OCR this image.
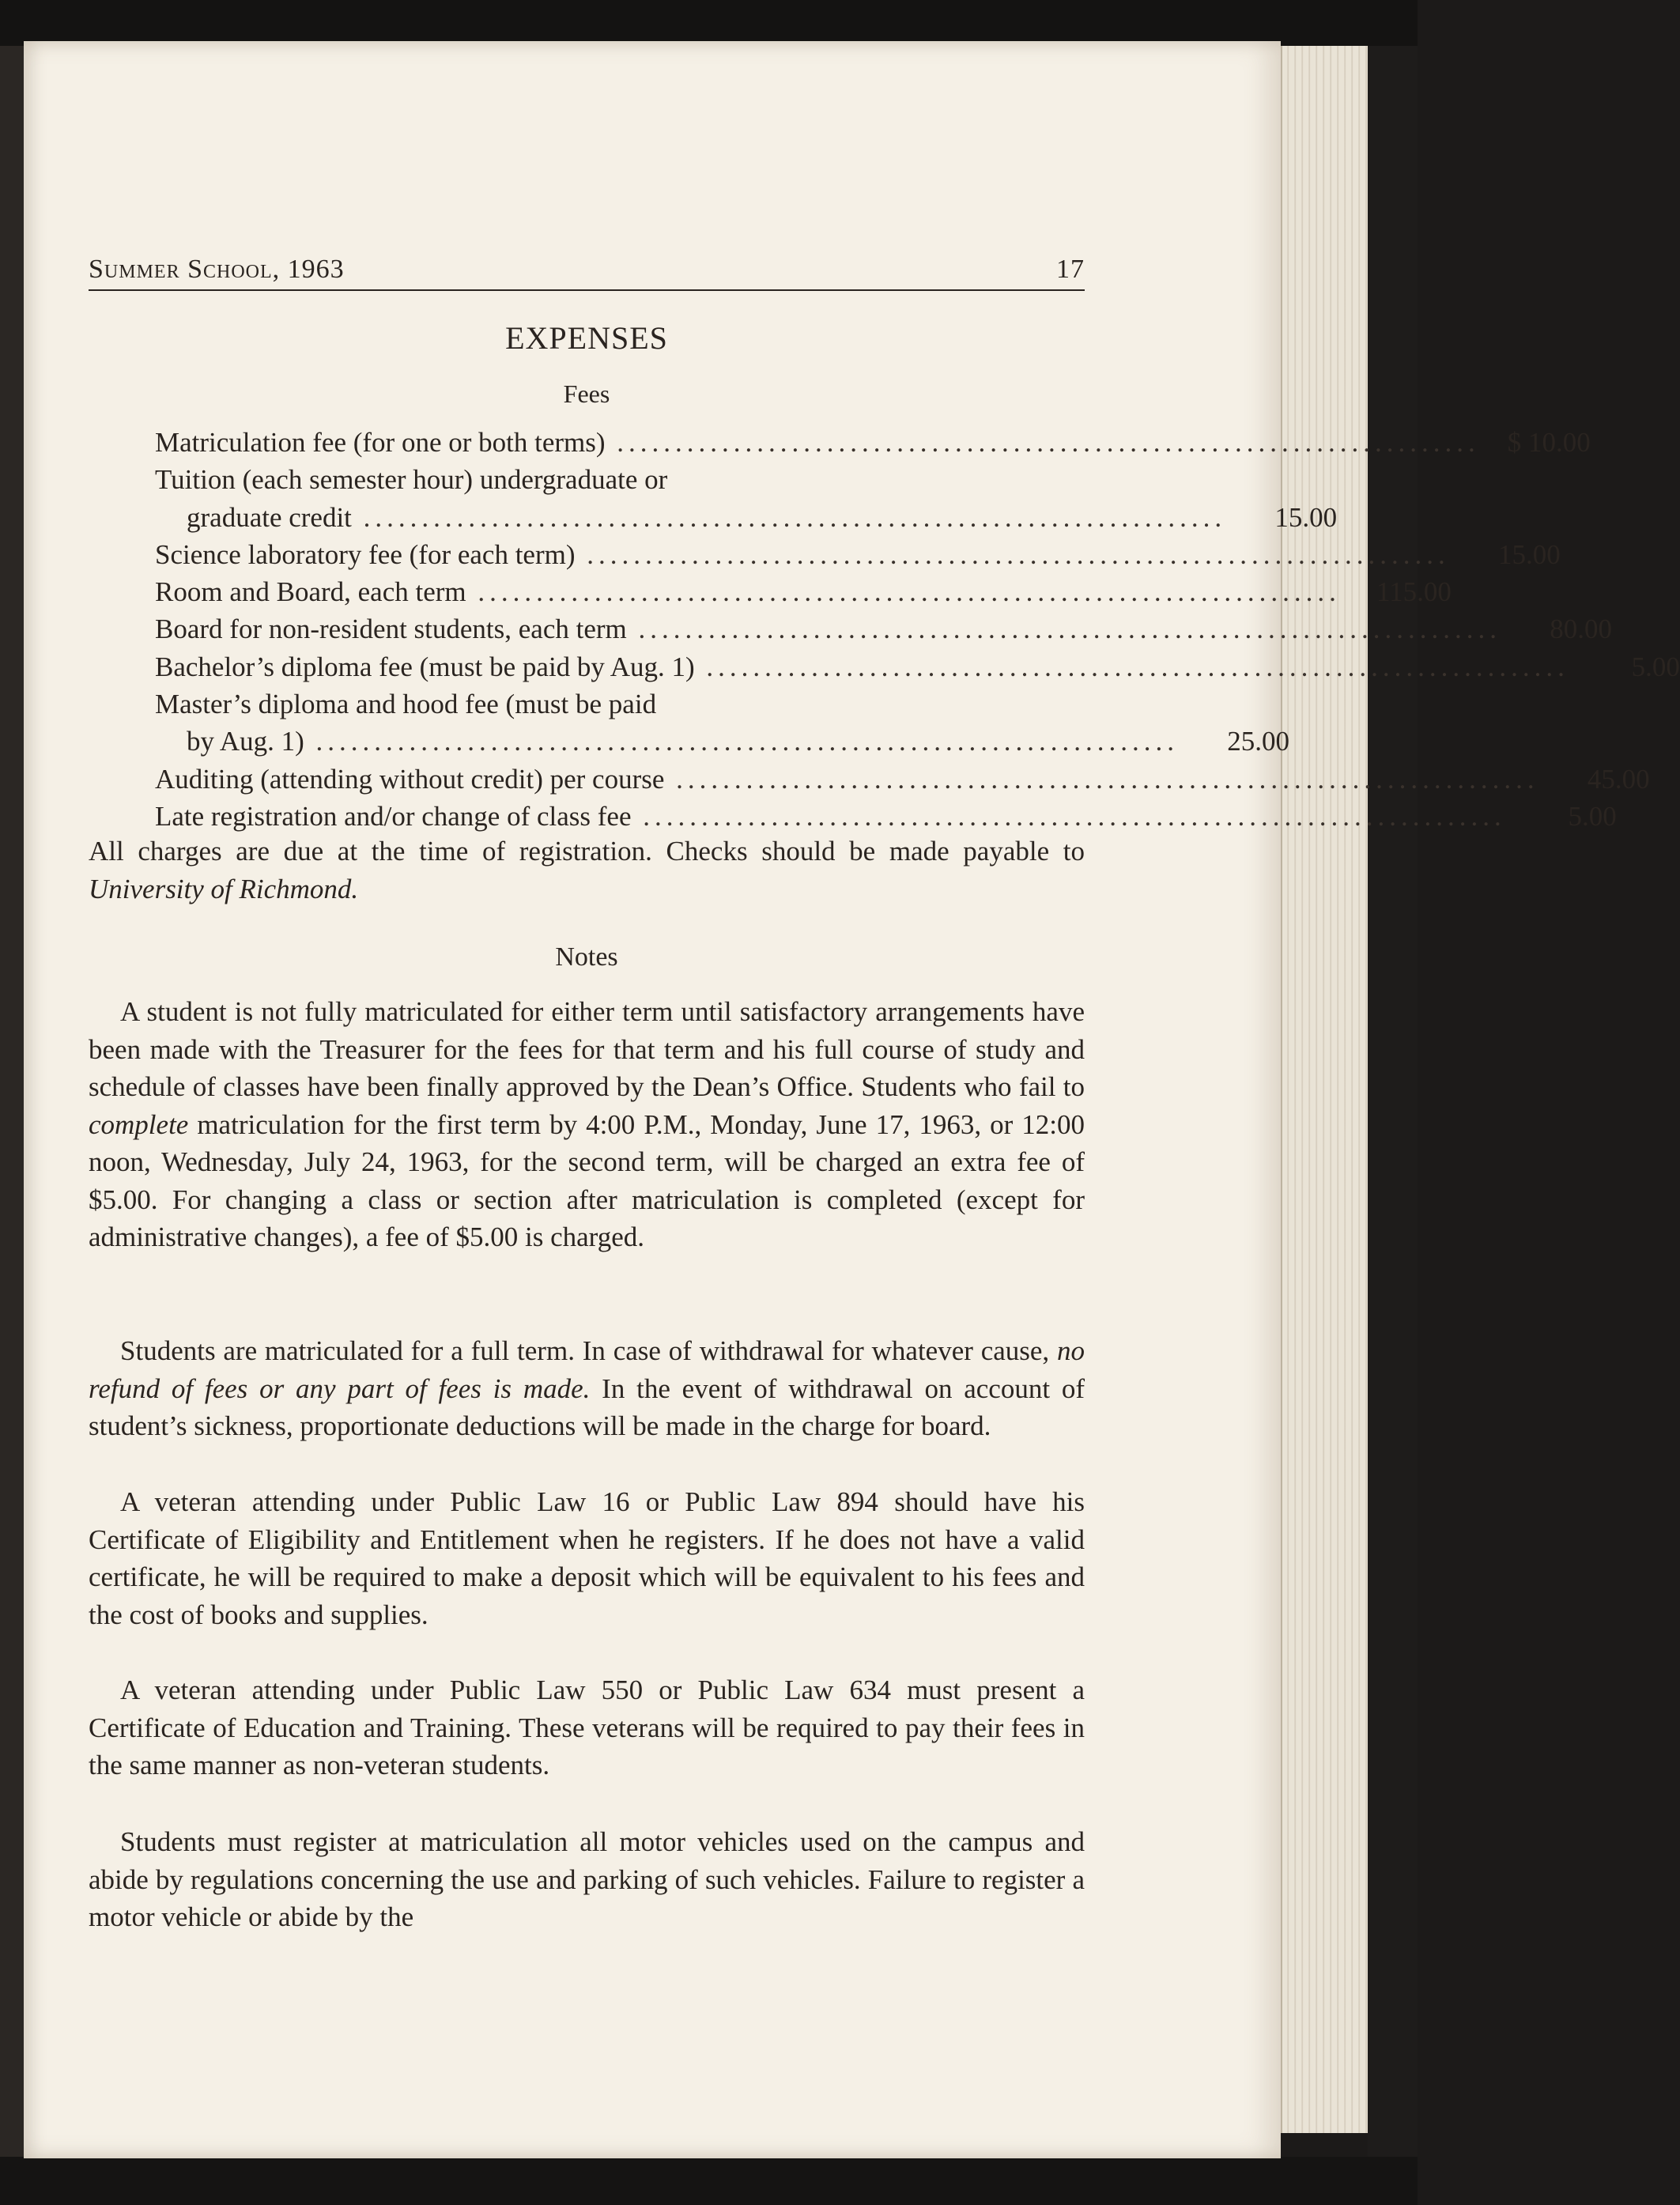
Summer School, 1963	17
EXPENSES
Fees
Matriculation fee (for one or both terms) ..........................................................................	$ 10.00
Tuition (each semester hour) undergraduate or
graduate credit ..........................................................................	15.00
Science laboratory fee (for each term) ..........................................................................	15.00
Room and Board, each term ..........................................................................	115.00
Board for non-resident students, each term ..........................................................................	80.00
Bachelor’s diploma fee (must be paid by Aug. 1) ..........................................................................	5.00
Master’s diploma and hood fee (must be paid
by Aug. 1) ..........................................................................	25.00
Auditing (attending without credit) per course ..........................................................................	45.00
Late registration and/or change of class fee ..........................................................................	5.00

All charges are due at the time of registration. Checks should be made payable to University of Richmond.

Notes

A student is not fully matriculated for either term until satisfactory arrangements have been made with the Treasurer for the fees for that term and his full course of study and schedule of classes have been finally approved by the Dean’s Office. Students who fail to complete matriculation for the first term by 4:00 P.M., Monday, June 17, 1963, or 12:00 noon, Wednesday, July 24, 1963, for the second term, will be charged an extra fee of $5.00. For changing a class or section after matriculation is completed (except for administrative changes), a fee of $5.00 is charged.

Students are matriculated for a full term. In case of withdrawal for whatever cause, no refund of fees or any part of fees is made. In the event of withdrawal on account of student’s sickness, proportionate deductions will be made in the charge for board.

A veteran attending under Public Law 16 or Public Law 894 should have his Certificate of Eligibility and Entitlement when he registers. If he does not have a valid certificate, he will be required to make a deposit which will be equivalent to his fees and the cost of books and supplies.

A veteran attending under Public Law 550 or Public Law 634 must present a Certificate of Education and Training. These veterans will be required to pay their fees in the same manner as non-veteran students.

Students must register at matriculation all motor vehicles used on the campus and abide by regulations concerning the use and parking of such vehicles. Failure to register a motor vehicle or abide by the
